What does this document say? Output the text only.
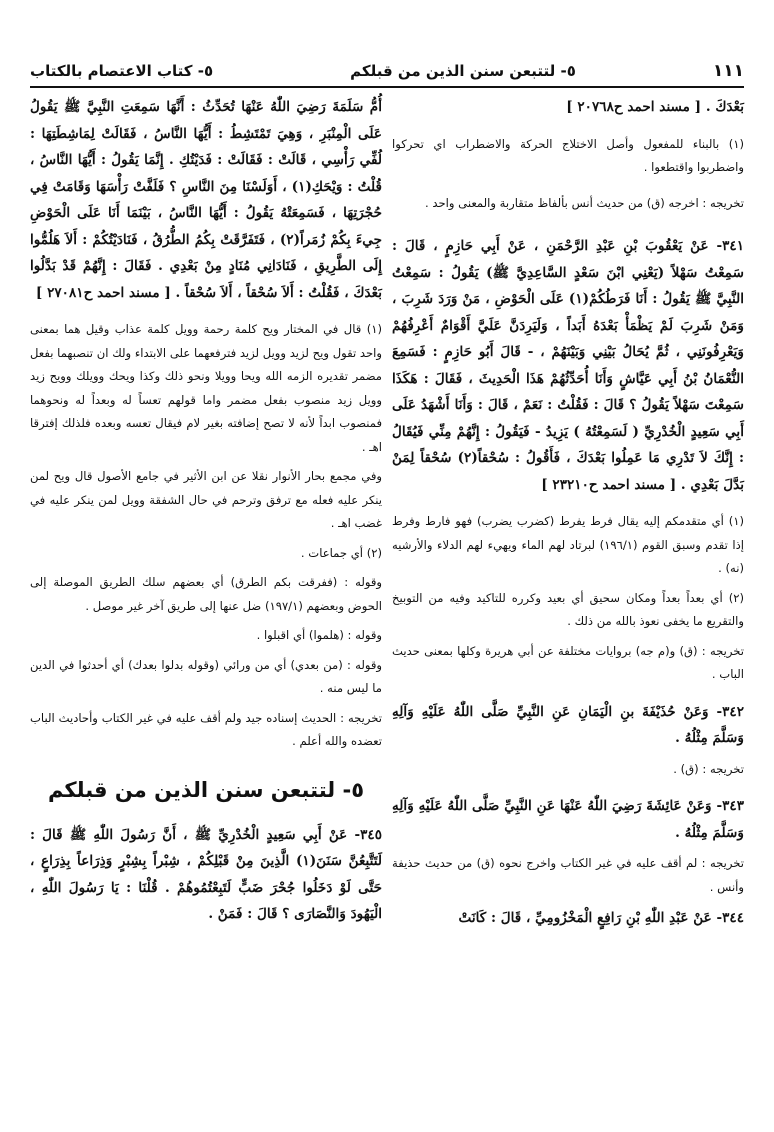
١١١
٥- لتتبعن سنن الذين من قبلكم
٥- كتاب الاعتصام بالكتاب

بَعْدَكَ . [ مسند احمد ح٢٠٧٦٨ ]

(١) بالبناء للمفعول وأصل الاختلاج الحركة والاضطراب اي تحركوا واضطربوا واقتطعوا .

تخريجه : اخرجه (ق) من حديث أنس بألفاظ متقاربة والمعنى واحد .

٣٤١- عَنْ يَعْقُوبَ بْنِ عَبْدِ الرَّحْمَنِ ، عَنْ أَبِي حَازِمٍ ، قَالَ : سَمِعْتُ سَهْلاً (يَعْنِي ابْنَ سَعْدٍ السَّاعِدِيَّ ﷺ) يَقُولُ : سَمِعْتُ النَّبِيَّ ﷺ يَقُولُ : أَنَا فَرَطُكُمْ(١) عَلَى الْحَوْضِ ، مَنْ وَرَدَ شَرِبَ ، وَمَنْ شَرِبَ لَمْ يَظْمَأْ بَعْدَهُ أَبَداً ، وَلَيَرِدَنَّ عَلَيَّ أَقْوَامٌ أَعْرِفُهُمْ وَيَعْرِفُونَنِي ، ثُمَّ يُحَالُ بَيْنِي وَبَيْنَهُمْ ، - قَالَ أَبُو حَازِمٍ : فَسَمِعَ النُّعْمَانُ بْنُ أَبِي عَيَّاشٍ وَأَنَا أُحَدِّثُهُمْ هَذَا الْحَدِيثَ ، فَقَالَ : هَكَذَا سَمِعْتَ سَهْلاً يَقُولُ ؟ قَالَ : فَقُلْتُ : نَعَمْ ، قَالَ : وَأَنَا أَشْهَدُ عَلَى أَبِي سَعِيدٍ الْخُدْرِيِّ ( لَسَمِعْتُهُ ) يَزِيدُ - فَيَقُولُ : إِنَّهُمْ مِنِّي فَيُقَالُ : إِنَّكَ لاَ تَدْرِي مَا عَمِلُوا بَعْدَكَ ، فَأَقُولُ : سُحْقاً(٢) سُحْقاً لِمَنْ بَدَّلَ بَعْدِي . [ مسند احمد ح٢٣٢١٠ ]

(١) أي متقدمكم إليه يقال فرط يفرط (كضرب يضرب) فهو فارط وفرط إذا تقدم وسبق القوم (١٩٦/١) لبرتاد لهم الماء ويهيء لهم الدلاء والأرشيه (نه) .

(٢) أي بعداً بعداً ومكان سحيق أي بعيد وكرره للتاكيد وفيه من التوبيخ والتقريع ما يخفى نعوذ بالله من ذلك .

تخريجه : (ق) و(م جه) بروايات مختلفة عن أبي هريرة وكلها بمعنى حديث الباب .

٣٤٢- وَعَنْ حُذَيْفَةَ بنِ الْيَمَانِ عَنِ النَّبِيِّ صَلَّى اللّٰهُ عَلَيْهِ وَآلِهِ وَسَلَّمَ مِثْلُهُ .

تخريجه : (ق) .

٣٤٣- وَعَنْ عَائِشَةَ رَضِيَ اللّٰهُ عَنْهَا عَنِ النَّبِيِّ صَلَّى اللّٰهُ عَلَيْهِ وَآلِهِ وَسَلَّمَ مِثْلُهُ .

تخريجه : لم أقف عليه في غير الكتاب واخرج نحوه (ق) من حديث حذيفة وأنس .

٣٤٤- عَنْ عَبْدِ اللّٰهِ بْنِ رَافِعٍ الْمَخْزُومِيِّ ، قَالَ : كَانَتْ

أُمُّ سَلَمَةَ رَضِيَ اللّٰهُ عَنْهَا تُحَدِّثُ : أَنَّهَا سَمِعَتِ النَّبِيَّ ﷺ يَقُولُ عَلَى الْمِنْبَرِ ، وَهِيَ تَمْتَشِطُ : أَيُّهَا النَّاسُ ، فَقَالَتْ لِمَاشِطَتِهَا : لُفِّي رَأْسِي ، قَالَتْ : فَقَالَتْ : فَدَيْتُكِ . إِنَّمَا يَقُولُ : أَيُّهَا النَّاسُ ، قُلْتُ : وَيْحَكِ(١) ، أَوَلَسْنَا مِنَ النَّاسِ ؟ فَلَفَّتْ رَأْسَهَا وَقَامَتْ فِي حُجْرَتِهَا ، فَسَمِعَتْهُ يَقُولُ : أَيُّهَا النَّاسُ ، بَيْنَمَا أَنَا عَلَى الْحَوْضِ جِيءَ بِكُمْ زُمَراً(٢) ، فَتَفَرَّقَتْ بِكُمُ الطُّرُقُ ، فَنَادَيْتُكُمْ : أَلاَ هَلُمُّوا إِلَى الطَّرِيقِ ، فَنَادَانِي مُنَادٍ مِنْ بَعْدِي . فَقَالَ : إِنَّهُمْ قَدْ بَدَّلُوا بَعْدَكَ ، فَقُلْتُ : أَلاَ سُحْقاً ، أَلاَ سُحْقاً . [ مسند احمد ح٢٧٠٨١ ]

(١) قال في المختار ويح كلمة رحمة وويل كلمة عذاب وقيل هما بمعنى واحد تقول ويح لزيد وويل لزيد فترفعهما على الابتداء ولك ان تنصبهما بفعل مضمر تقديره الزمه الله ويحا وويلا ونحو ذلك وكذا ويحك وويلك وويح زيد وويل زيد منصوب بفعل مضمر واما قولهم تعساً له وبعداً له ونحوهما فمنصوب ابداً لأنه لا تصح إضافته بغير لام فيقال تعسه وبعده فلذلك إفترقا اهـ .

وفي مجمع بحار الأنوار نقلا عن ابن الأثير في جامع الأصول قال ويح لمن ينكر عليه فعله مع ترفق وترحم في حال الشفقة وويل لمن ينكر عليه في غضب اهـ .

(٢) أي جماعات .

وقوله : (ففرقت بكم الطرق) أي بعضهم سلك الطريق الموصلة إلى الحوض وبعضهم (١٩٧/١) ضل عنها إلى طريق آخر غير موصل .

وقوله : (هلموا) أي اقبلوا .

وقوله : (من بعدي) أي من ورائي (وقوله بدلوا بعدك) أي أحدثوا في الدين ما ليس منه .

تخريجه : الحديث إسناده جيد ولم أقف عليه في غير الكتاب وأحاديث الباب تعضده والله أعلم .

٥- لتتبعن سنن الذين من قبلكم

٣٤٥- عَنْ أَبِي سَعِيدٍ الْخُدْرِيِّ ﷺ ، أَنَّ رَسُولَ اللّٰهِ ﷺ قَالَ : لَتَتَّبِعُنَّ سَنَنَ(١) الَّذِينَ مِنْ قَبْلِكُمْ ، شِبْراً بِشِبْرٍ وَذِرَاعاً بِذِرَاعٍ ، حَتَّى لَوْ دَخَلُوا جُحْرَ ضَبٍّ لَتَبِعْتُمُوهُمْ . قُلْنَا : يَا رَسُولَ اللّٰهِ ، الْيَهُودَ وَالنَّصَارَى ؟ قَالَ : فَمَنْ .
